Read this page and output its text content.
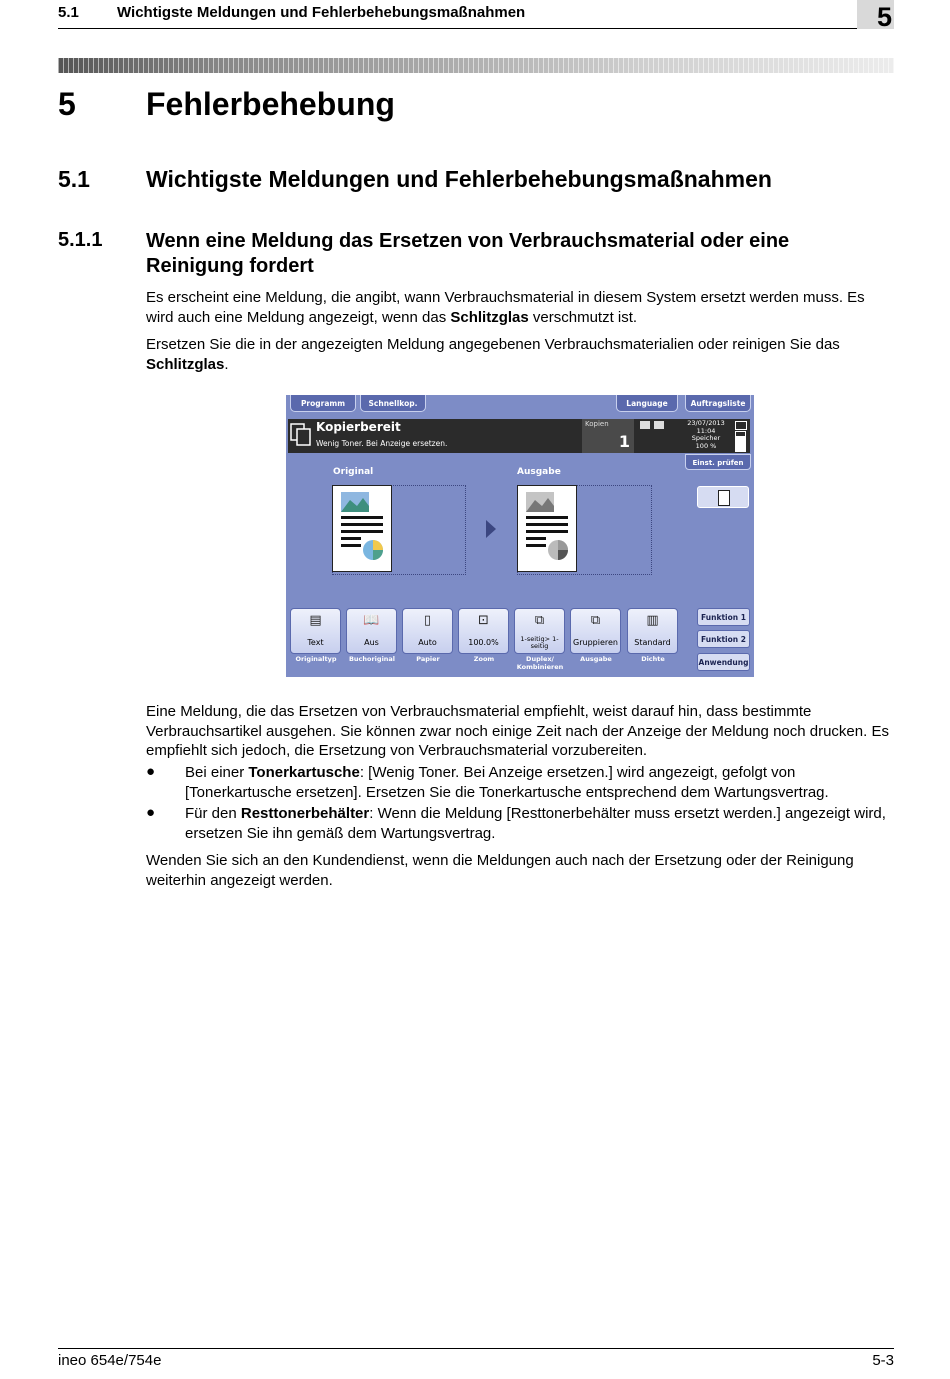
5.1	Wichtigste Meldungen und Fehlerbehebungsmaßnahmen	5
5 Fehlerbehebung
5.1 Wichtigste Meldungen und Fehlerbehebungsmaßnahmen
5.1.1 Wenn eine Meldung das Ersetzen von Verbrauchsmaterial oder eine Reinigung fordert
Es erscheint eine Meldung, die angibt, wann Verbrauchsmaterial in diesem System ersetzt werden muss. Es wird auch eine Meldung angezeigt, wenn das Schlitzglas verschmutzt ist.
Ersetzen Sie die in der angezeigten Meldung angegebenen Verbrauchsmaterialien oder reinigen Sie das Schlitzglas.
Programm	Schnellkop.	Language	Auftragsliste
Kopierbereit
Wenig Toner. Bei Anzeige ersetzen.
Kopien
1
23/07/2013
11:04
Speicher
100 %
Einst. prüfen
Original	Ausgabe
▤
Text
Originaltyp
📖
Aus
Buchoriginal
▯
Auto
Papier
⊡
100.0%
Zoom
⧉
1-seitig> 1-seitig
Duplex/ Kombinieren
⧉
Gruppieren
Ausgabe
▥
Standard
Dichte
Funktion 1
Funktion 2
Anwendung
Eine Meldung, die das Ersetzen von Verbrauchsmaterial empfiehlt, weist darauf hin, dass bestimmte Verbrauchsartikel ausgehen. Sie können zwar noch einige Zeit nach der Anzeige der Meldung noch drucken. Es empfiehlt sich jedoch, die Ersetzung von Verbrauchsmaterial vorzubereiten.
● Bei einer Tonerkartusche: [Wenig Toner. Bei Anzeige ersetzen.] wird angezeigt, gefolgt von [Tonerkartusche ersetzen]. Ersetzen Sie die Tonerkartusche entsprechend dem Wartungsvertrag.
● Für den Resttonerbehälter: Wenn die Meldung [Resttonerbehälter muss ersetzt werden.] angezeigt wird, ersetzen Sie ihn gemäß dem Wartungsvertrag.
Wenden Sie sich an den Kundendienst, wenn die Meldungen auch nach der Ersetzung oder der Reinigung weiterhin angezeigt werden.
ineo 654e/754e	5-3
